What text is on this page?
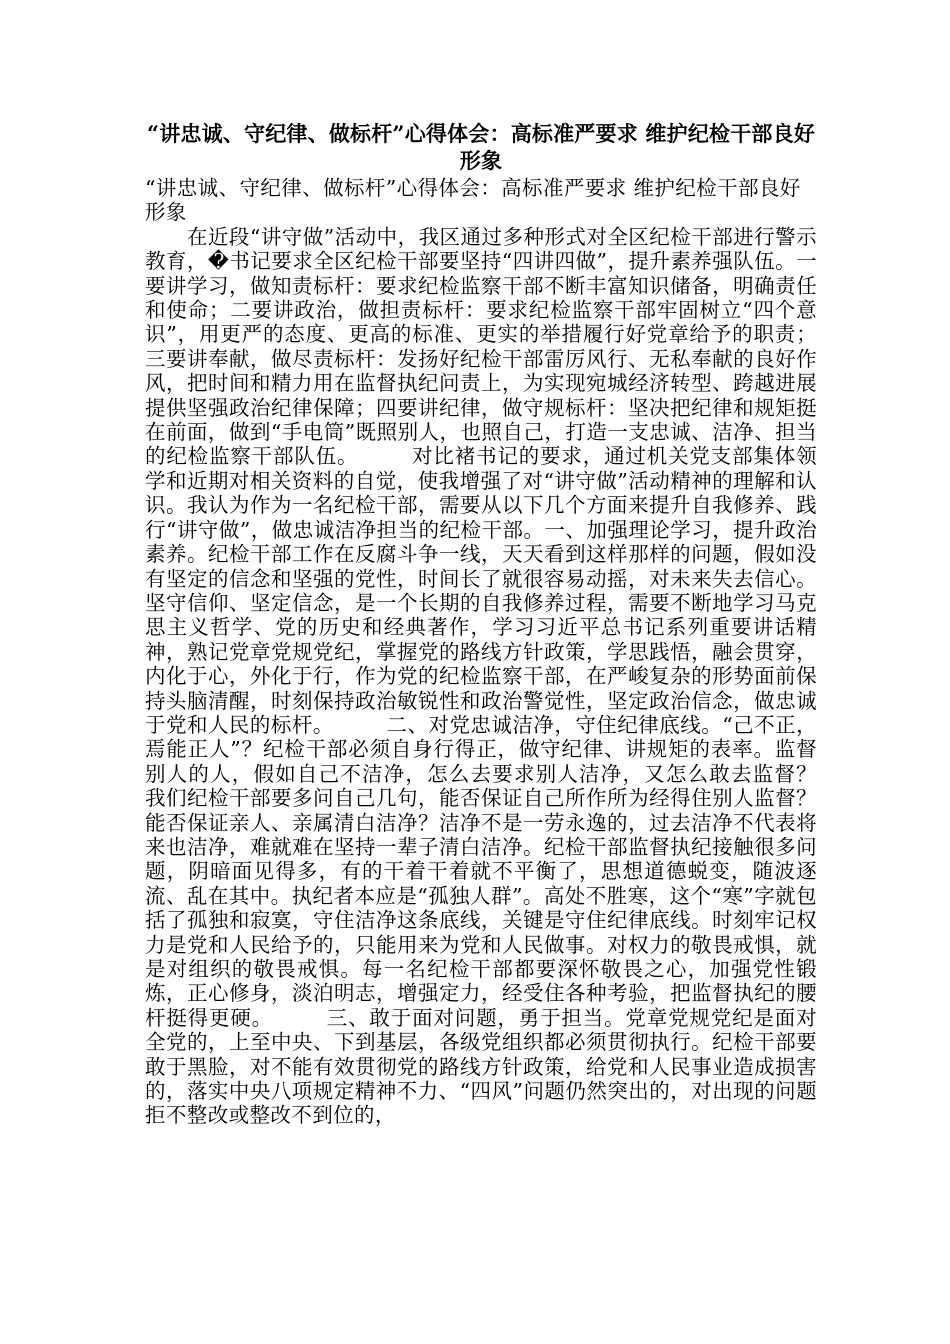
“讲忠诚、守纪律、做标杆”心得体会：高标准严要求 维护纪检干部良好形象

“讲忠诚、守纪律、做标杆”心得体会：高标准严要求 维护纪检干部良好形象

　　在近段“讲守做”活动中，我区通过多种形式对全区纪检干部进行警示教育，�书记要求全区纪检干部要坚持“四讲四做”，提升素养强队伍。一要讲学习，做知责标杆：要求纪检监察干部不断丰富知识储备，明确责任和使命；二要讲政治，做担责标杆：要求纪检监察干部牢固树立“四个意识”，用更严的态度、更高的标准、更实的举措履行好党章给予的职责；三要讲奉献，做尽责标杆：发扬好纪检干部雷厉风行、无私奉献的良好作风，把时间和精力用在监督执纪问责上，为实现宛城经济转型、跨越进展提供坚强政治纪律保障；四要讲纪律，做守规标杆：坚决把纪律和规矩挺在前面，做到“手电筒”既照别人，也照自己，打造一支忠诚、洁净、担当的纪检监察干部队伍。　　　对比褚书记的要求，通过机关党支部集体领学和近期对相关资料的自觉，使我增强了对“讲守做”活动精神的理解和认识。我认为作为一名纪检干部，需要从以下几个方面来提升自我修养、践行“讲守做”，做忠诚洁净担当的纪检干部。一、加强理论学习，提升政治素养。纪检干部工作在反腐斗争一线，天天看到这样那样的问题，假如没有坚定的信念和坚强的党性，时间长了就很容易动摇，对未来失去信心。坚守信仰、坚定信念，是一个长期的自我修养过程，需要不断地学习马克思主义哲学、党的历史和经典著作，学习习近平总书记系列重要讲话精神，熟记党章党规党纪，掌握党的路线方针政策，学思践悟，融会贯穿，内化于心，外化于行，作为党的纪检监察干部，在严峻复杂的形势面前保持头脑清醒，时刻保持政治敏锐性和政治警觉性，坚定政治信念，做忠诚于党和人民的标杆。　　　二、对党忠诚洁净，守住纪律底线。“己不正，焉能正人”？纪检干部必须自身行得正，做守纪律、讲规矩的表率。监督别人的人，假如自己不洁净，怎么去要求别人洁净，又怎么敢去监督？　　　我们纪检干部要多问自己几句，能否保证自己所作所为经得住别人监督？能否保证亲人、亲属清白洁净？洁净不是一劳永逸的，过去洁净不代表将来也洁净，难就难在坚持一辈子清白洁净。纪检干部监督执纪接触很多问题，阴暗面见得多，有的干着干着就不平衡了，思想道德蜕变，随波逐流、乱在其中。执纪者本应是“孤独人群”。高处不胜寒，这个“寒”字就包括了孤独和寂寞，守住洁净这条底线，关键是守住纪律底线。时刻牢记权力是党和人民给予的，只能用来为党和人民做事。对权力的敬畏戒惧，就是对组织的敬畏戒惧。每一名纪检干部都要深怀敬畏之心，加强党性锻炼，正心修身，淡泊明志，增强定力，经受住各种考验，把监督执纪的腰杆挺得更硬。　　　三、敢于面对问题，勇于担当。党章党规党纪是面对全党的，上至中央、下到基层，各级党组织都必须贯彻执行。纪检干部要敢于黑脸，对不能有效贯彻党的路线方针政策，给党和人民事业造成损害的，落实中央八项规定精神不力、“四风”问题仍然突出的，对出现的问题拒不整改或整改不到位的，
